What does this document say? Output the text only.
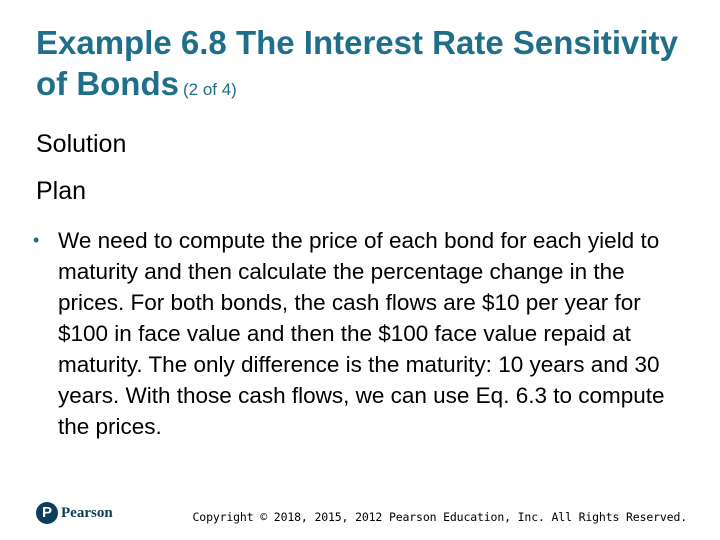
Example 6.8 The Interest Rate Sensitivity of Bonds (2 of 4)
Solution
Plan
• We need to compute the price of each bond for each yield to maturity and then calculate the percentage change in the prices. For both bonds, the cash flows are $10 per year for $100 in face value and then the $100 face value repaid at maturity. The only difference is the maturity: 10 years and 30 years. With those cash flows, we can use Eq. 6.3 to compute the prices.
P Pearson	Copyright © 2018, 2015, 2012 Pearson Education, Inc. All Rights Reserved.
